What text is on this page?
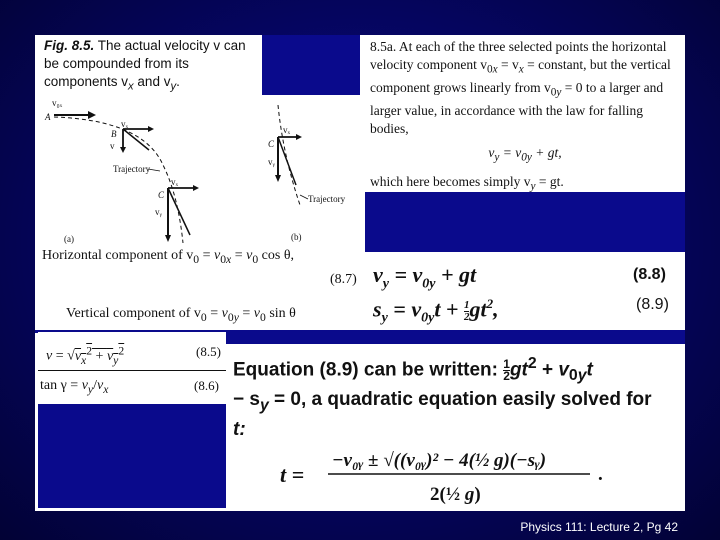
Fig. 8.5. The actual velocity v can be compounded from its components $v_x$ and $v_y$.
8.5a. At each of the three selected points the horizontal velocity component $v_{0x} = v_x$ = constant, but the vertical component grows linearly from $v_{0y} = 0$ to a larger and larger value, in accordance with the law for falling bodies,
$v_y = v_{0y}$ + gt,
which here becomes simply $v_y$ = gt.
v₀ₓ
A
B
vₓ
v
C
vₓ
vᵧ
Trajectory
C
vₓ
vᵧ
Trajectory
(a)	(b)
Horizontal component of $v_0 = v_{0x} = v_0$ cos θ,
(8.7)
Vertical component of $v_0 = v_{0y} = v_0$ sin θ
$v_y = v_{0y}$ + gt	(8.8)
$s_y = v_{0y}t + \frac{1}{2} gt^2$,	(8.9)
$v = √v_x^2 + v_y^2$	(8.5)
$\tan \gamma = v_y/v_x$	(8.6)
Equation (8.9) can be written: $\frac{1}{2} gt^2 + v_{0y}t$
− $s_y = 0$, a quadratic equation easily solved for
t:
t =
−v₀ᵧ ± √((v₀ᵧ)² − 4(½ g)(−sᵧ)
2(½ g)
.
Physics 111: Lecture 2, Pg 42
